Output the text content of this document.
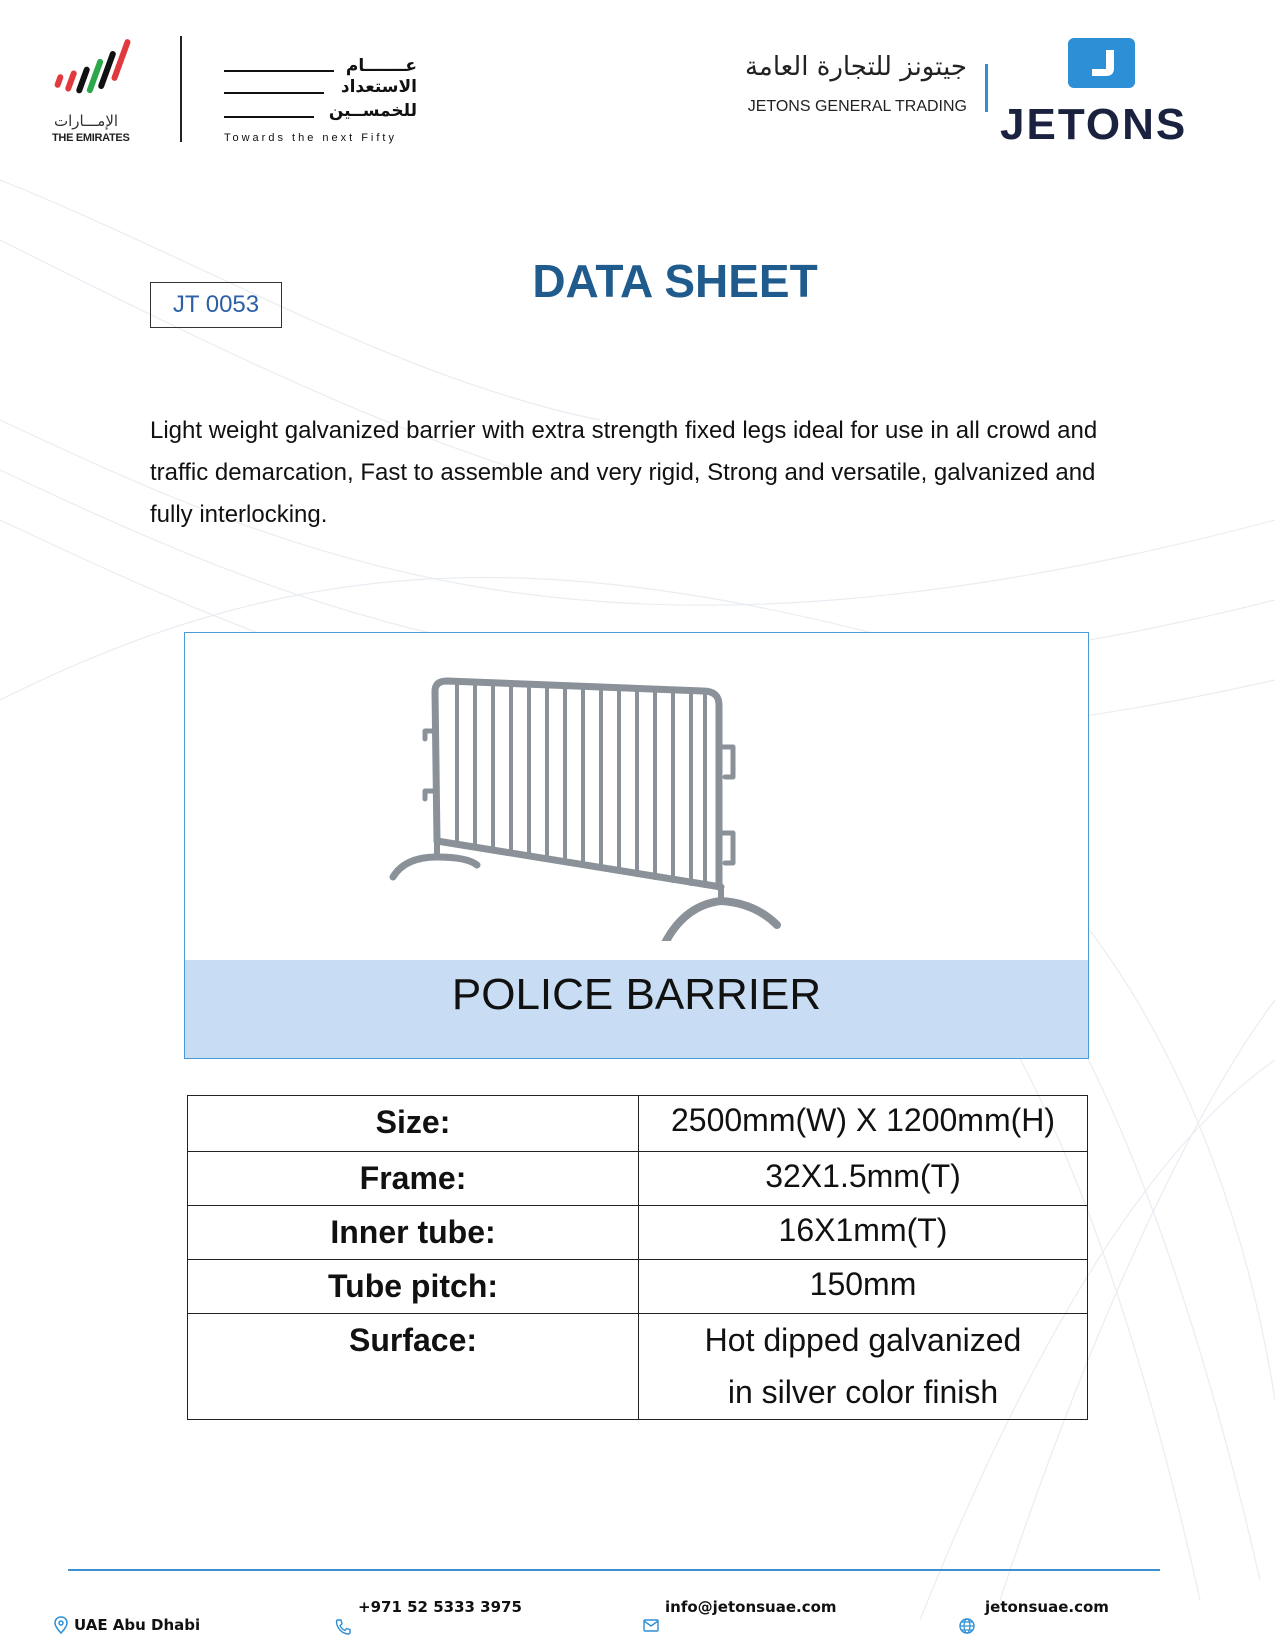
الإمـــارات
THE EMIRATES
عـــــــام
الاستعداد
للخمســين
Towards the next Fifty
جيتونز للتجارة العامة
JETONS GENERAL TRADING JETONS
JT 0053	DATA SHEET
Light weight galvanized barrier with extra strength fixed legs ideal for use in all crowd and traffic demarcation, Fast to assemble and very rigid, Strong and versatile, galvanized and fully interlocking.
POLICE BARRIER
Size:	2500mm(W) X 1200mm(H)
Frame:	32X1.5mm(T)
Inner tube:	16X1mm(T)
Tube pitch:	150mm
Surface:	Hot dipped galvanized in silver color finish
UAE Abu Dhabi
+971 52 5333 3975	info@jetonsuae.com	jetonsuae.com
